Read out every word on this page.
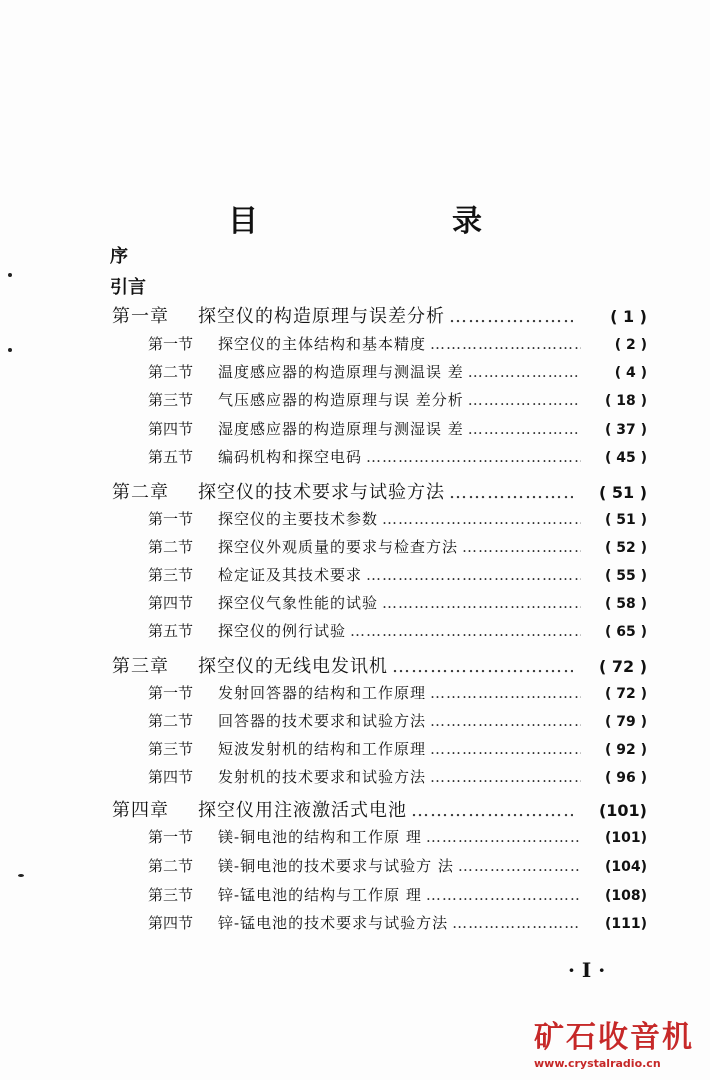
目　录
序
引言
第一章	探空仪的构造原理与误差分析 ……………………………………………………………………………………………………………………	( 1 )
第一节	探空仪的主体结构和基本精度 ……………………………………………………………………………………………………………………	( 2 )
第二节	温度感应器的构造原理与测温误 差 ……………………………………………………………………………………………………………………	( 4 )
第三节	气压感应器的构造原理与误 差分析 ……………………………………………………………………………………………………………………	( 18 )
第四节	湿度感应器的构造原理与测湿误 差 ……………………………………………………………………………………………………………………	( 37 )
第五节	编码机构和探空电码 ……………………………………………………………………………………………………………………	( 45 )
第二章	探空仪的技术要求与试验方法 ……………………………………………………………………………………………………………………	( 51 )
第一节	探空仪的主要技术参数 ……………………………………………………………………………………………………………………	( 51 )
第二节	探空仪外观质量的要求与检查方法 ……………………………………………………………………………………………………………………	( 52 )
第三节	检定证及其技术要求 ……………………………………………………………………………………………………………………	( 55 )
第四节	探空仪气象性能的试验 ……………………………………………………………………………………………………………………	( 58 )
第五节	探空仪的例行试验 ……………………………………………………………………………………………………………………	( 65 )
第三章	探空仪的无线电发讯机 ……………………………………………………………………………………………………………………	( 72 )
第一节	发射回答器的结构和工作原理 ……………………………………………………………………………………………………………………	( 72 )
第二节	回答器的技术要求和试验方法 ……………………………………………………………………………………………………………………	( 79 )
第三节	短波发射机的结构和工作原理 ……………………………………………………………………………………………………………………	( 92 )
第四节	发射机的技术要求和试验方法 ……………………………………………………………………………………………………………………	( 96 )
第四章	探空仪用注液激活式电池 ……………………………………………………………………………………………………………………	(101)
第一节	镁-铜电池的结构和工作原 理 ……………………………………………………………………………………………………………………	(101)
第二节	镁-铜电池的技术要求与试验方 法 ……………………………………………………………………………………………………………………	(104)
第三节	锌-锰电池的结构与工作原 理 ……………………………………………………………………………………………………………………	(108)
第四节	锌-锰电池的技术要求与试验方法 ……………………………………………………………………………………………………………………	(111)
· I ·
矿石收音机
www.crystalradio.cn
